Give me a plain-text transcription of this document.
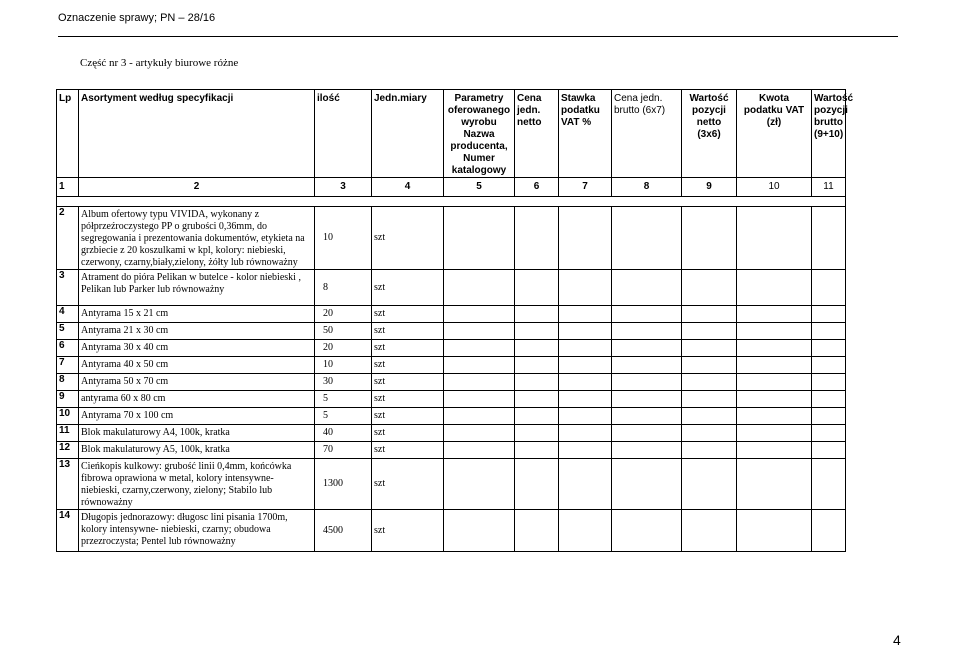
Oznaczenie sprawy; PN – 28/16
Część nr 3 - artykuły biurowe różne
Lp	Asortyment według specyfikacji	ilość	Jedn.miary	Parametry oferowanego wyrobu Nazwa producenta, Numer katalogowy	Cena jedn. netto	Stawka podatku VAT %	Cena jedn. brutto (6x7)	Wartość pozycji netto (3x6)	Kwota podatku VAT (zł)	Wartość pozycji brutto (9+10)
1	2	3	4	5	6	7	8	9	10	11

2	Album ofertowy typu VIVIDA, wykonany z półprzeźroczystego PP o grubości 0,36mm, do segregowania i prezentowania dokumentów, etykieta na grzbiecie z 20 koszulkami w kpl, kolory: niebieski, czerwony, czarny,biały,zielony, żółty lub równoważny	10	szt							
3	Atrament do pióra Pelikan w butelce - kolor niebieski , Pelikan lub Parker lub równoważny	8	szt							
4	Antyrama 15 x 21 cm	20	szt							
5	Antyrama 21 x 30 cm	50	szt							
6	Antyrama 30 x 40 cm	20	szt							
7	Antyrama 40 x 50 cm	10	szt							
8	Antyrama 50 x 70 cm	30	szt							
9	antyrama 60 x 80 cm	5	szt							
10	Antyrama 70 x 100 cm	5	szt							
11	Blok makulaturowy A4, 100k, kratka	40	szt							
12	Blok makulaturowy A5, 100k, kratka	70	szt							
13	Cieńkopis kulkowy: grubość linii 0,4mm, końcówka fibrowa oprawiona w metal, kolory intensywne- niebieski, czarny,czerwony, zielony; Stabilo lub równoważny	1300	szt							
14	Długopis jednorazowy: długosc lini pisania 1700m, kolory intensywne- niebieski, czarny; obudowa przezroczysta; Pentel lub równoważny	4500	szt							
4
